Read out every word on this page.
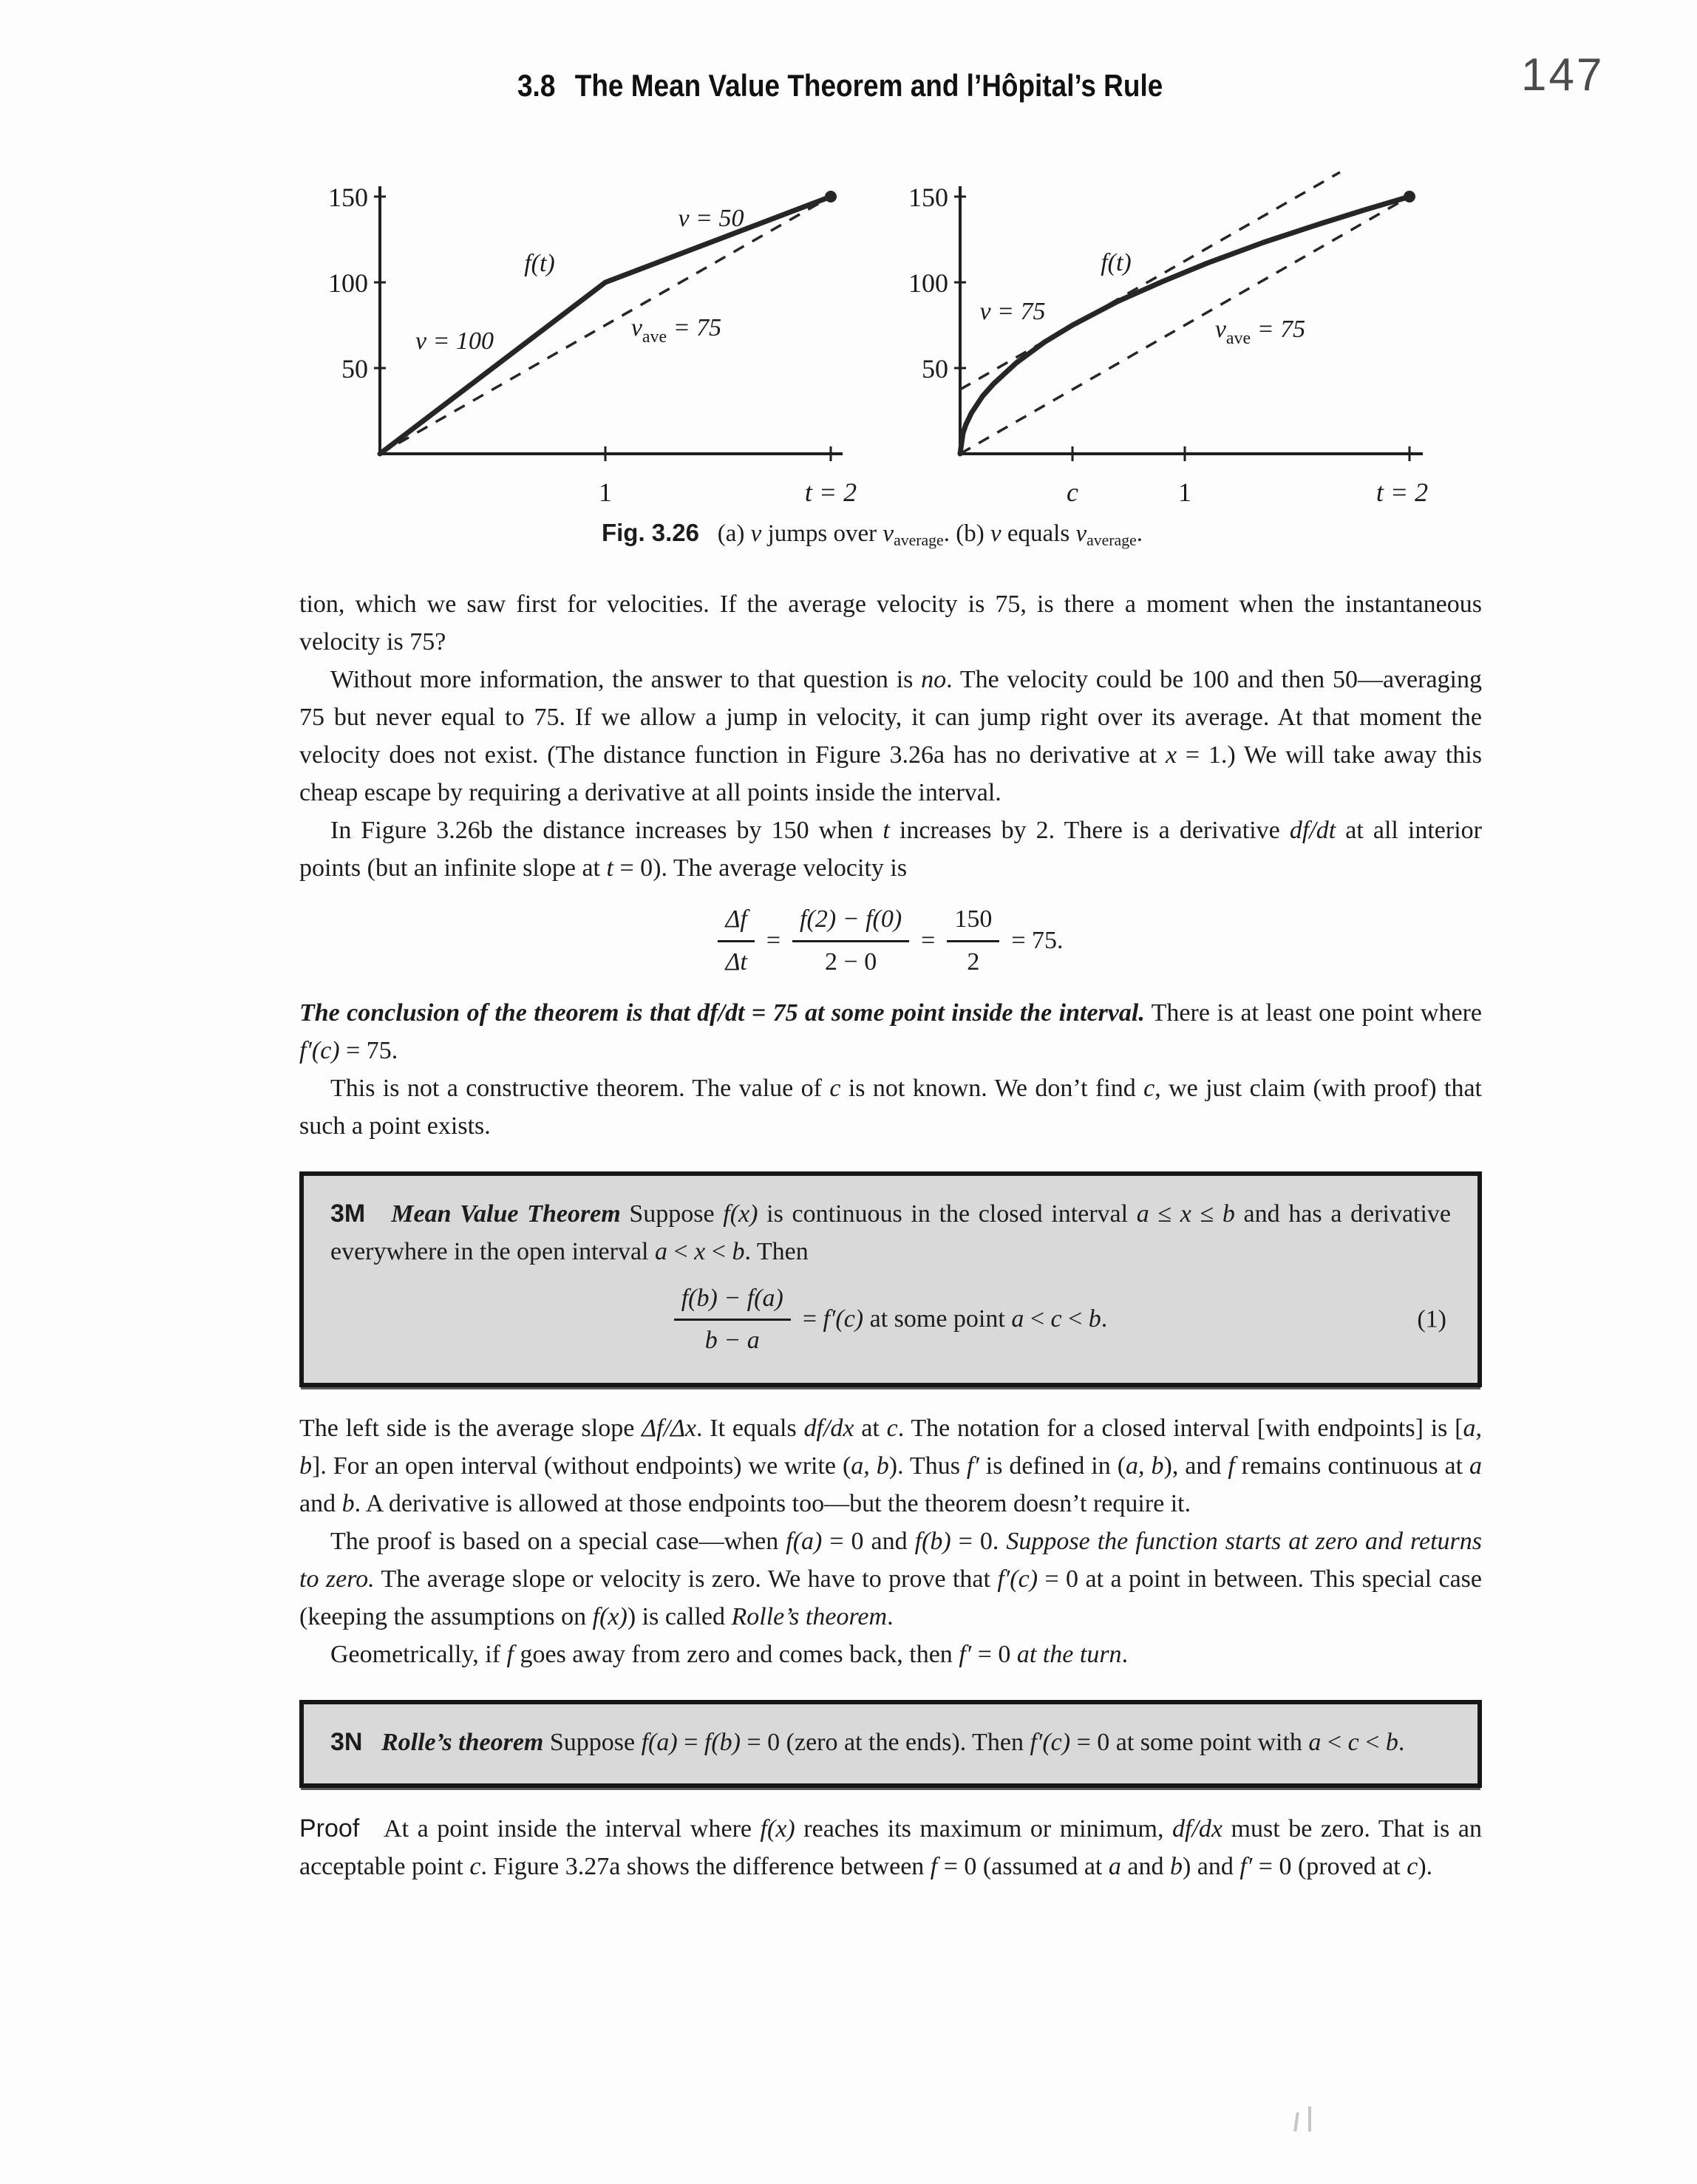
3.8 The Mean Value Theorem and l’Hôpital’s Rule	147
150
100
50
1	t = 2
v = 100
f(t)
v = 50
$v_{ave} = 75$
150
100
50
c	1	t = 2
v = 75
f(t)
$v_{ave} = 75$
Fig. 3.26   (a) v jumps over vaverage. (b) v equals vaverage.

tion, which we saw first for velocities. If the average velocity is 75, is there a moment when the instantaneous velocity is 75?

Without more information, the answer to that question is no. The velocity could be 100 and then 50—averaging 75 but never equal to 75. If we allow a jump in velocity, it can jump right over its average. At that moment the velocity does not exist. (The distance function in Figure 3.26a has no derivative at x = 1.) We will take away this cheap escape by requiring a derivative at all points inside the interval.

In Figure 3.26b the distance increases by 150 when t increases by 2. There is a derivative df/dt at all interior points (but an infinite slope at t = 0). The average velocity is

$\frac{\Delta f}{\Delta t} = \frac{f(2) - f(0)}{2 - 0} = \frac{150}{2} = 75$.

The conclusion of the theorem is that df/dt = 75 at some point inside the interval. There is at least one point where f′(c) = 75.

This is not a constructive theorem. The value of c is not known. We don’t find c, we just claim (with proof) that such a point exists.

3M Mean Value Theorem Suppose f(x) is continuous in the closed interval a ≤ x ≤ b and has a derivative everywhere in the open interval a < x < b. Then

$\frac{f(b) - f(a)}{b - a} = f'(c)$ at some point a < c < b.	(1)

The left side is the average slope Δf/Δx. It equals df/dx at c. The notation for a closed interval [with endpoints] is [a, b]. For an open interval (without endpoints) we write (a, b). Thus f′ is defined in (a, b), and f remains continuous at a and b. A derivative is allowed at those endpoints too—but the theorem doesn’t require it.

The proof is based on a special case—when f(a) = 0 and f(b) = 0. Suppose the function starts at zero and returns to zero. The average slope or velocity is zero. We have to prove that f′(c) = 0 at a point in between. This special case (keeping the assumptions on f(x)) is called Rolle’s theorem.

Geometrically, if f goes away from zero and comes back, then f′ = 0 at the turn.

3N Rolle’s theorem Suppose f(a) = f(b) = 0 (zero at the ends). Then f′(c) = 0 at some point with a < c < b.

Proof   At a point inside the interval where f(x) reaches its maximum or minimum, df/dx must be zero. That is an acceptable point c. Figure 3.27a shows the difference between f = 0 (assumed at a and b) and f′ = 0 (proved at c).
